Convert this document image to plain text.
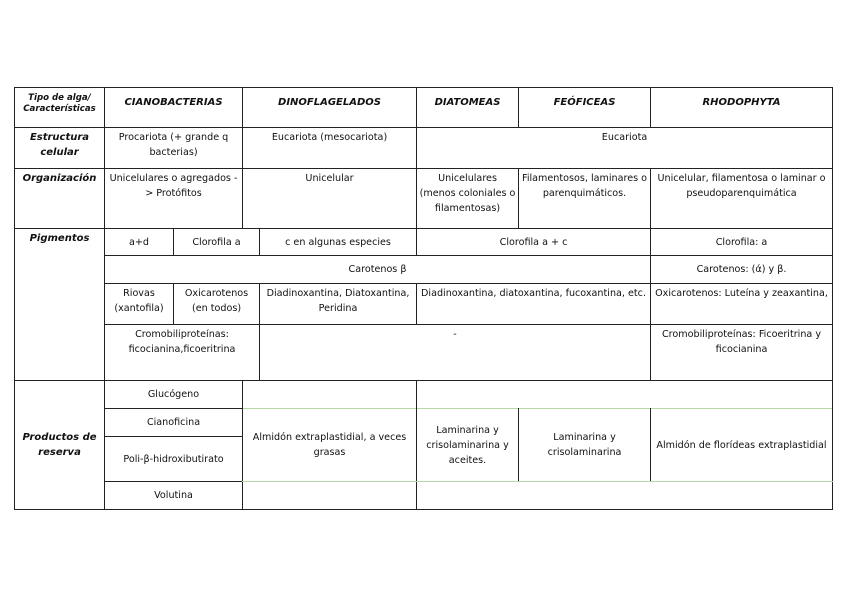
Tipo de alga/
Características	CIANOBACTERIAS		DINOFLAGELADOS		DIATOMEAS	FEÓFICEAS	RHODOPHYTA
Estructura celular	Procariota (+ grande q bacterias)		Eucariota (mesocariota)		Eucariota		
Organización	Unicelulares o agregados -> Protófitos		Unicelular		Unicelulares (menos coloniales o filamentosas)	Filamentosos, laminares o parenquimáticos.	Unicelular, filamentosa o laminar o pseudoparenquimática
Pigmentos	a+d	Clorofila a		c en algunas especies	Clorofila a + c		Clorofila: a
	Carotenos β						Carotenos: (ά) y β.
	Riovas (xantofila)	Oxicarotenos (en todos)		Diadinoxantina, Diatoxantina, Peridina	Diadinoxantina, diatoxantina, fucoxantina, etc.		Oxicarotenos: Luteína y zeaxantina,
	Cromobiliproteínas: ficocianina,ficoeritrina			-			Cromobiliproteínas: Ficoeritrina y ficocianina
Productos de reserva	Glucógeno						
	Cianoficina		Almidón extraplastidial, a veces grasas		Laminarina y crisolaminarina y aceites.	Laminarina y crisolaminarina	Almidón de florídeas extraplastidial
	Poli-β-hidroxibutirato						
	Volutina						
